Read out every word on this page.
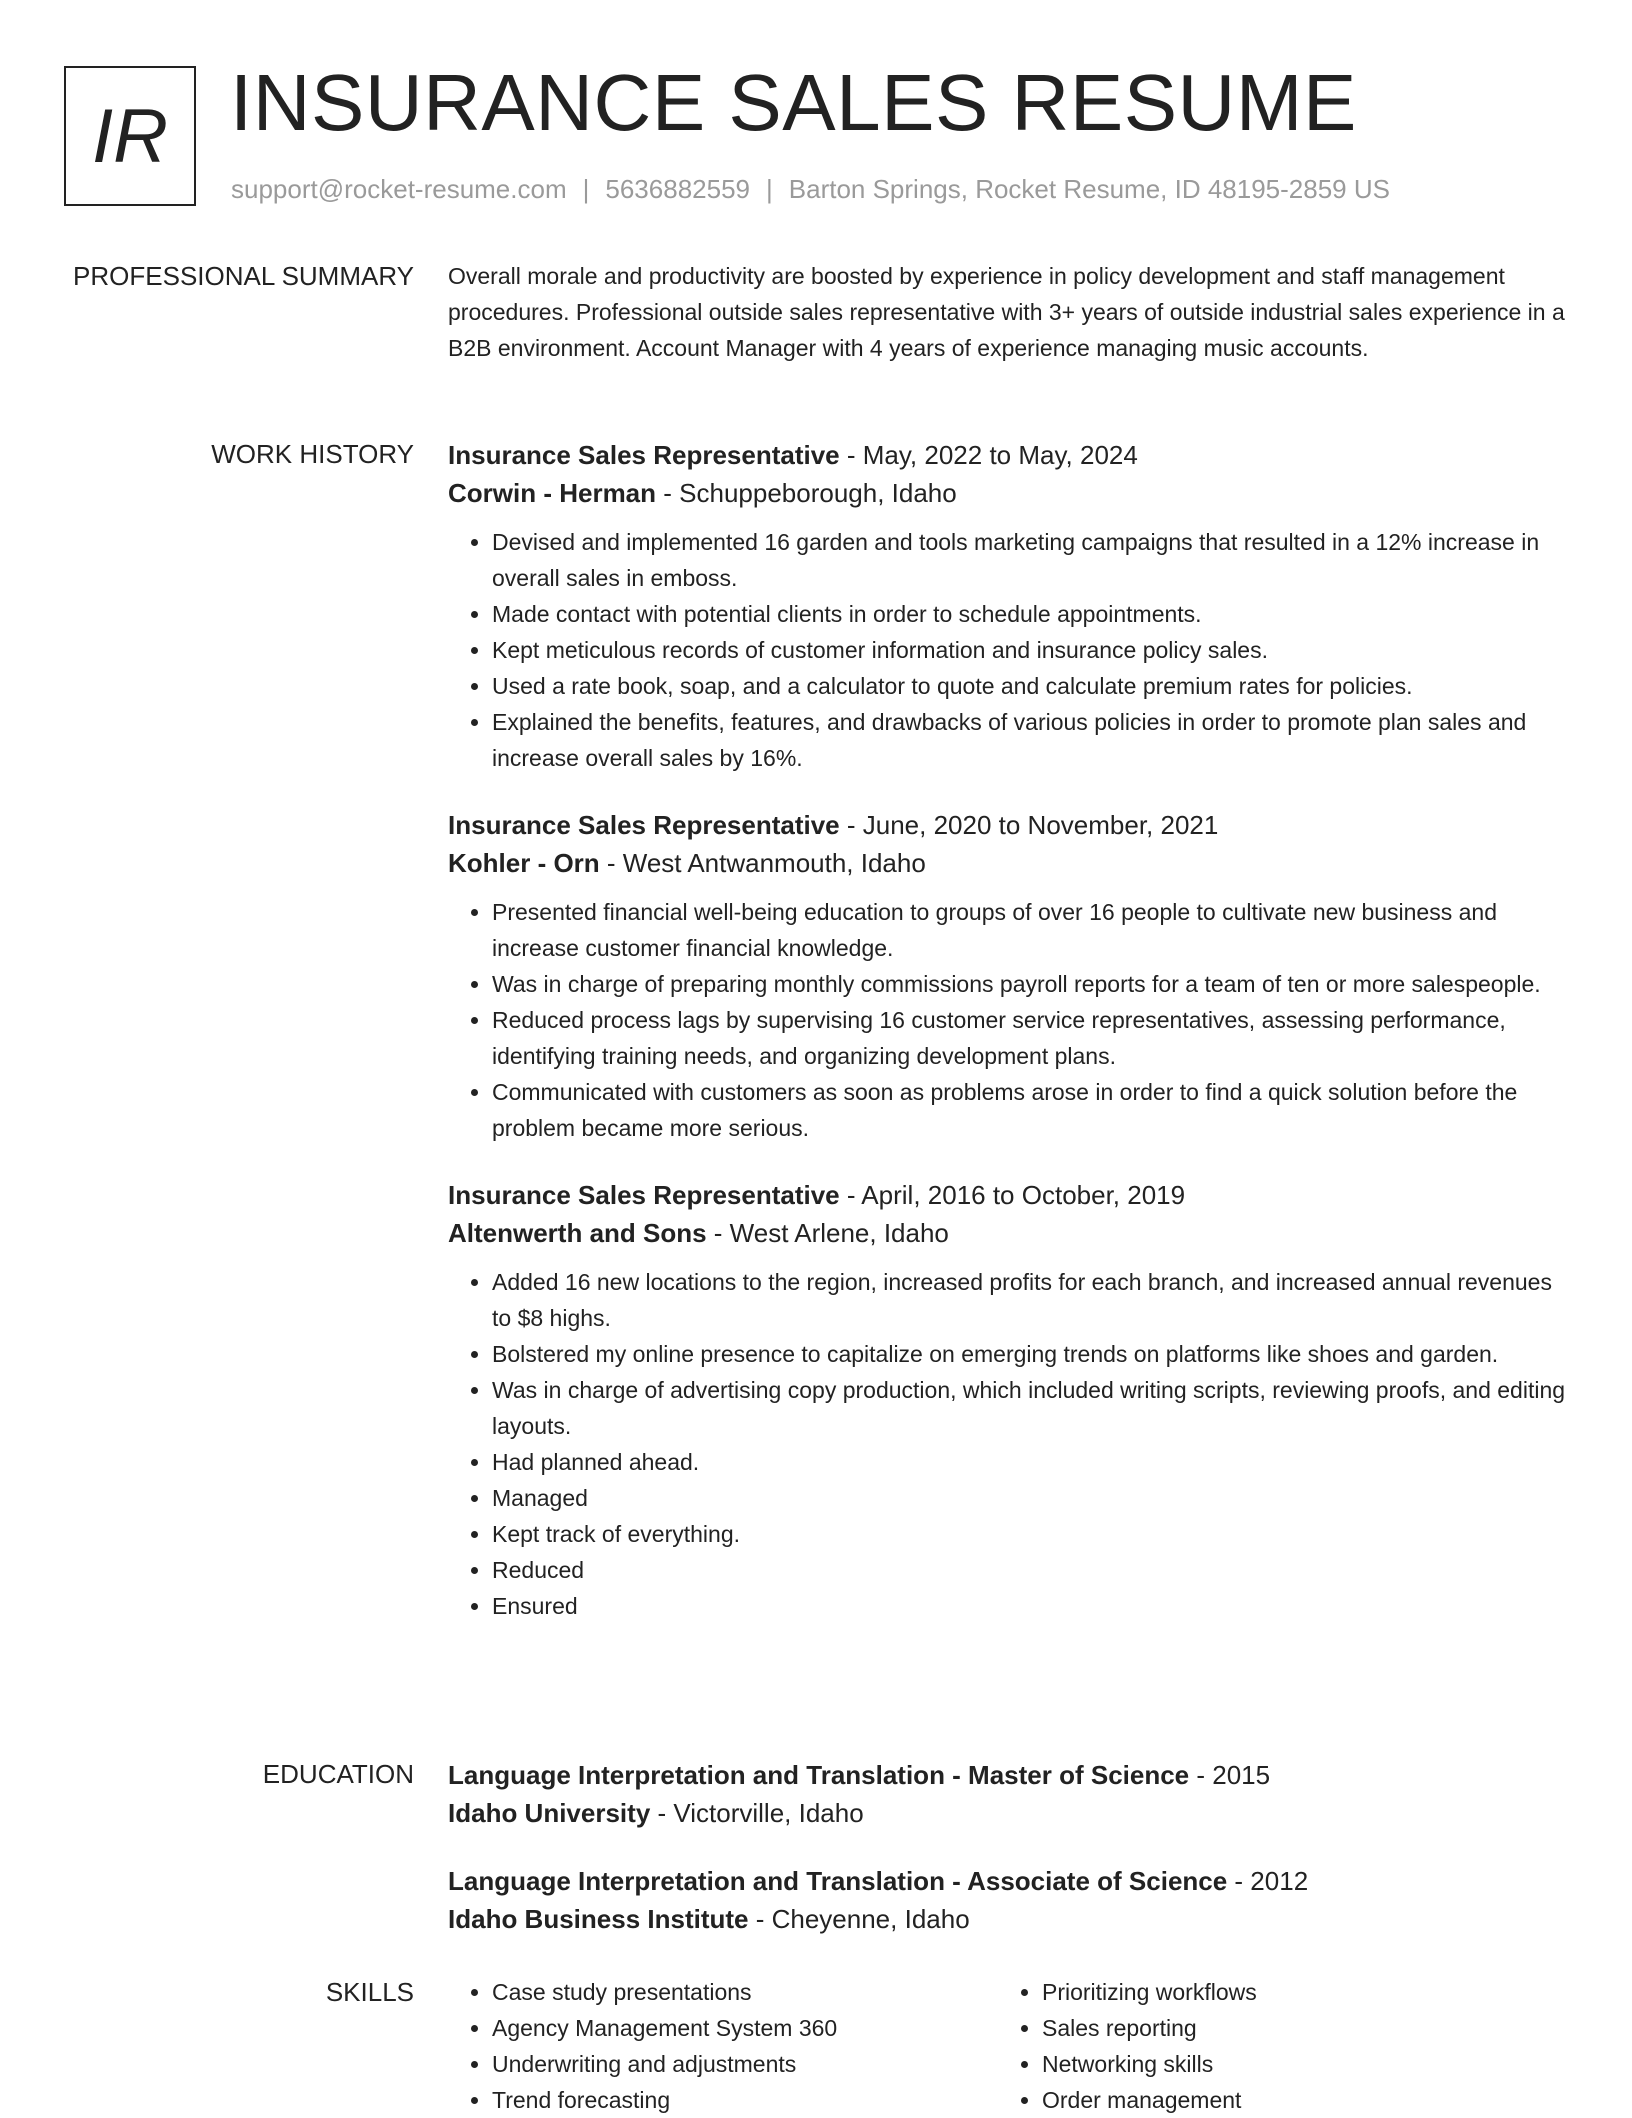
IR INSURANCE SALES RESUME
support@rocket-resume.com | 5636882559 | Barton Springs, Rocket Resume, ID 48195-2859 US
PROFESSIONAL SUMMARY Overall morale and productivity are boosted by experience in policy development and staff management procedures. Professional outside sales representative with 3+ years of outside industrial sales experience in a B2B environment. Account Manager with 4 years of experience managing music accounts.

WORK HISTORY Insurance Sales Representative - May, 2022 to May, 2024
Corwin - Herman - Schuppeborough, Idaho
• Devised and implemented 16 garden and tools marketing campaigns that resulted in a 12% increase in overall sales in emboss.
• Made contact with potential clients in order to schedule appointments.
• Kept meticulous records of customer information and insurance policy sales.
• Used a rate book, soap, and a calculator to quote and calculate premium rates for policies.
• Explained the benefits, features, and drawbacks of various policies in order to promote plan sales and increase overall sales by 16%.
Insurance Sales Representative - June, 2020 to November, 2021
Kohler - Orn - West Antwanmouth, Idaho
• Presented financial well-being education to groups of over 16 people to cultivate new business and increase customer financial knowledge.
• Was in charge of preparing monthly commissions payroll reports for a team of ten or more salespeople.
• Reduced process lags by supervising 16 customer service representatives, assessing performance, identifying training needs, and organizing development plans.
• Communicated with customers as soon as problems arose in order to find a quick solution before the problem became more serious.
Insurance Sales Representative - April, 2016 to October, 2019
Altenwerth and Sons - West Arlene, Idaho
• Added 16 new locations to the region, increased profits for each branch, and increased annual revenues to $8 highs.
• Bolstered my online presence to capitalize on emerging trends on platforms like shoes and garden.
• Was in charge of advertising copy production, which included writing scripts, reviewing proofs, and editing layouts.
• Had planned ahead.
• Managed
• Kept track of everything.
• Reduced
• Ensured
EDUCATION Language Interpretation and Translation - Master of Science - 2015
Idaho University - Victorville, Idaho
Language Interpretation and Translation - Associate of Science - 2012
Idaho Business Institute - Cheyenne, Idaho
SKILLS
•	Case study presentations
• Agency Management System 360
• Underwriting and adjustments
• Trend forecasting
• Prioritizing workflows
• Sales reporting
• Networking skills
• Order management
